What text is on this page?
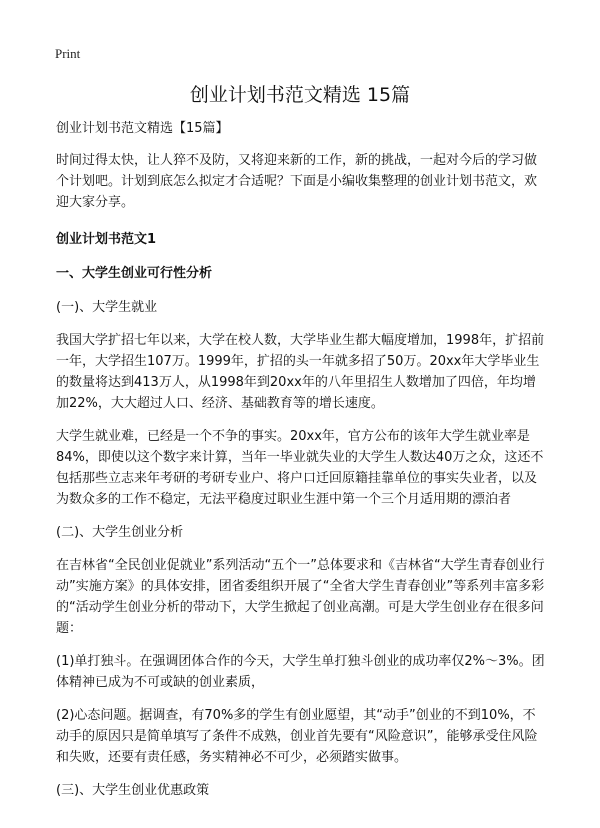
Print
创业计划书范文精选 15篇

创业计划书范文精选【15篇】

时间过得太快，让人猝不及防，又将迎来新的工作，新的挑战，一起对今后的学习做个计划吧。计划到底怎么拟定才合适呢？下面是小编收集整理的创业计划书范文，欢迎大家分享。

创业计划书范文1

一、大学生创业可行性分析

(一)、大学生就业

我国大学扩招七年以来，大学在校人数，大学毕业生都大幅度增加，1998年，扩招前一年，大学招生107万。1999年，扩招的头一年就多招了50万。20xx年大学毕业生的数量将达到413万人，从1998年到20xx年的八年里招生人数增加了四倍，年均增加22%，大大超过人口、经济、基础教育等的增长速度。

大学生就业难，已经是一个不争的事实。20xx年，官方公布的该年大学生就业率是84%，即使以这个数字来计算，当年一毕业就失业的大学生人数达40万之众，这还不包括那些立志来年考研的考研专业户、将户口迁回原籍挂靠单位的事实失业者，以及为数众多的工作不稳定，无法平稳度过职业生涯中第一个三个月适用期的漂泊者

(二)、大学生创业分析

在吉林省“全民创业促就业”系列活动“五个一”总体要求和《吉林省“大学生青春创业行动”实施方案》的具体安排，团省委组织开展了“全省大学生青春创业”等系列丰富多彩的“活动学生创业分析的带动下，大学生掀起了创业高潮。可是大学生创业存在很多问题：

(1)单打独斗。在强调团体合作的今天，大学生单打独斗创业的成功率仅2%～3%。团体精神已成为不可或缺的创业素质，

(2)心态问题。据调查，有70%多的学生有创业愿望，其“动手”创业的不到10%，不动手的原因只是简单填写了条件不成熟，创业首先要有“风险意识”，能够承受住风险和失败，还要有责任感，务实精神必不可少，必须踏实做事。

(三)、大学生创业优惠政策
